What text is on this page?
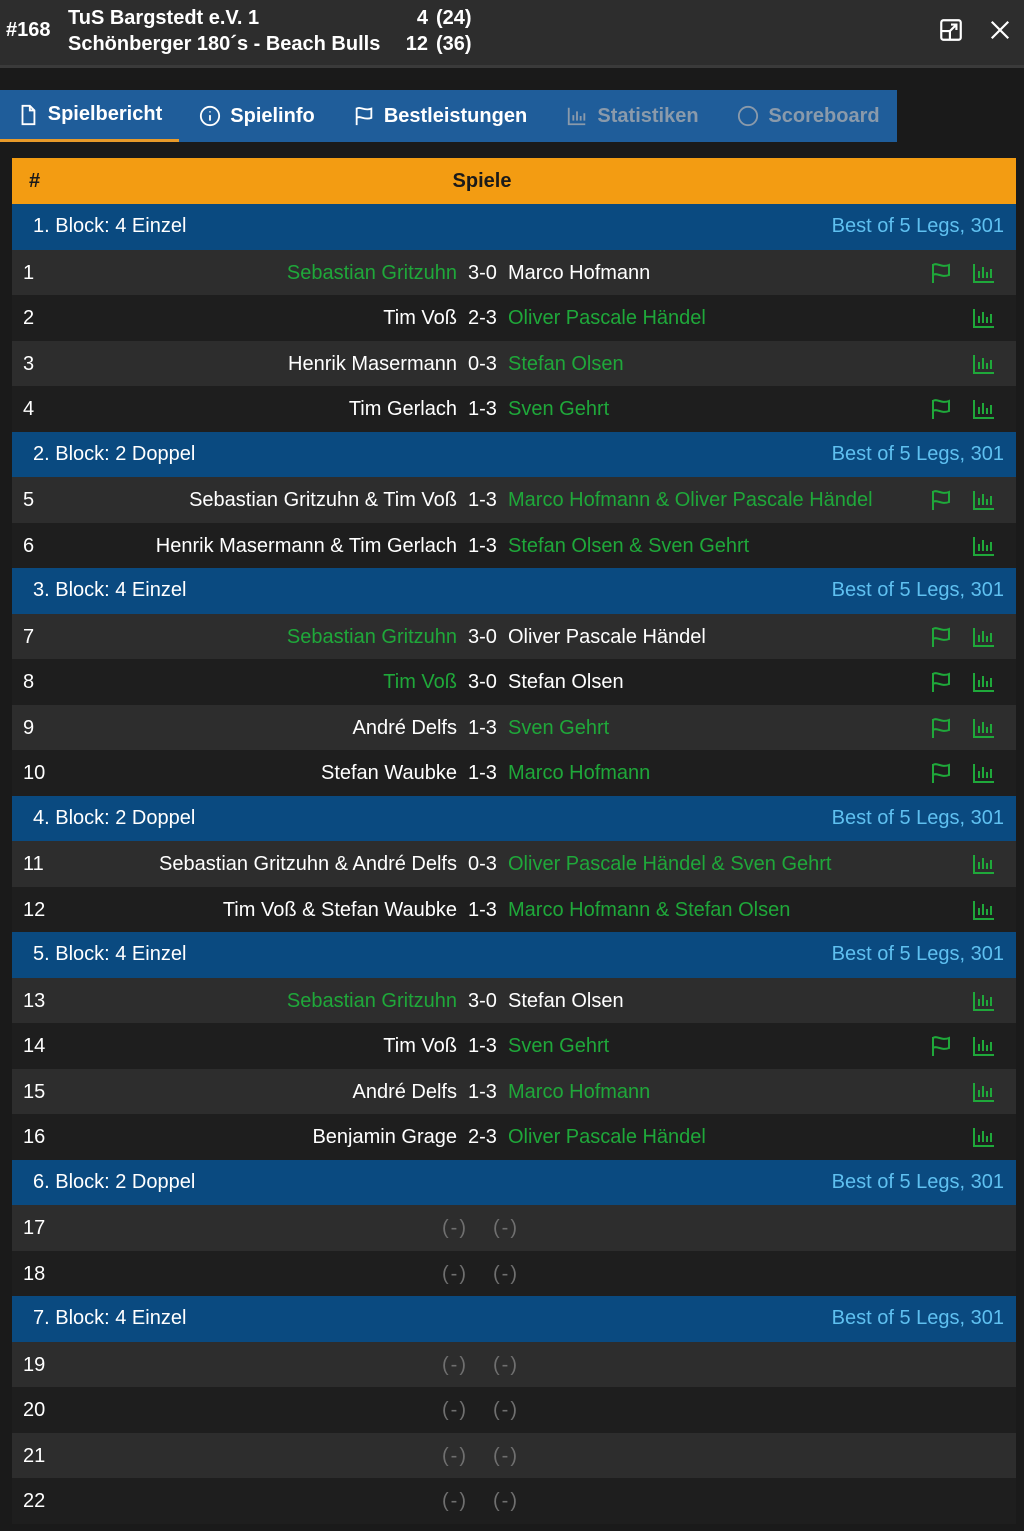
#168
TuS Bargstedt e.V. 1
Schönberger 180´s - Beach Bulls
4 (24)
12 (36)
Spielbericht	Spielinfo	Bestleistungen	Statistiken	Scoreboard
#	Spiele
1. Block: 4 Einzel	Best of 5 Legs, 301
1	Sebastian Gritzuhn 3-0 Marco Hofmann
2	Tim Voß 2-3 Oliver Pascale Händel
3	Henrik Masermann 0-3 Stefan Olsen
4	Tim Gerlach 1-3 Sven Gehrt
2. Block: 2 Doppel	Best of 5 Legs, 301
5	Sebastian Gritzuhn & Tim Voß 1-3 Marco Hofmann & Oliver Pascale Händel
6	Henrik Masermann & Tim Gerlach 1-3 Stefan Olsen & Sven Gehrt
3. Block: 4 Einzel	Best of 5 Legs, 301
7	Sebastian Gritzuhn 3-0 Oliver Pascale Händel
8	Tim Voß 3-0 Stefan Olsen
9	André Delfs 1-3 Sven Gehrt
10	Stefan Waubke 1-3 Marco Hofmann
4. Block: 2 Doppel	Best of 5 Legs, 301
11	Sebastian Gritzuhn & André Delfs 0-3 Oliver Pascale Händel & Sven Gehrt
12	Tim Voß & Stefan Waubke 1-3 Marco Hofmann & Stefan Olsen
5. Block: 4 Einzel	Best of 5 Legs, 301
13	Sebastian Gritzuhn 3-0 Stefan Olsen
14	Tim Voß 1-3 Sven Gehrt
15	André Delfs 1-3 Marco Hofmann
16	Benjamin Grage 2-3 Oliver Pascale Händel
6. Block: 2 Doppel	Best of 5 Legs, 301
17	(-) (-)
18	(-) (-)
7. Block: 4 Einzel	Best of 5 Legs, 301
19	(-) (-)
20	(-) (-)
21	(-) (-)
22	(-) (-)
